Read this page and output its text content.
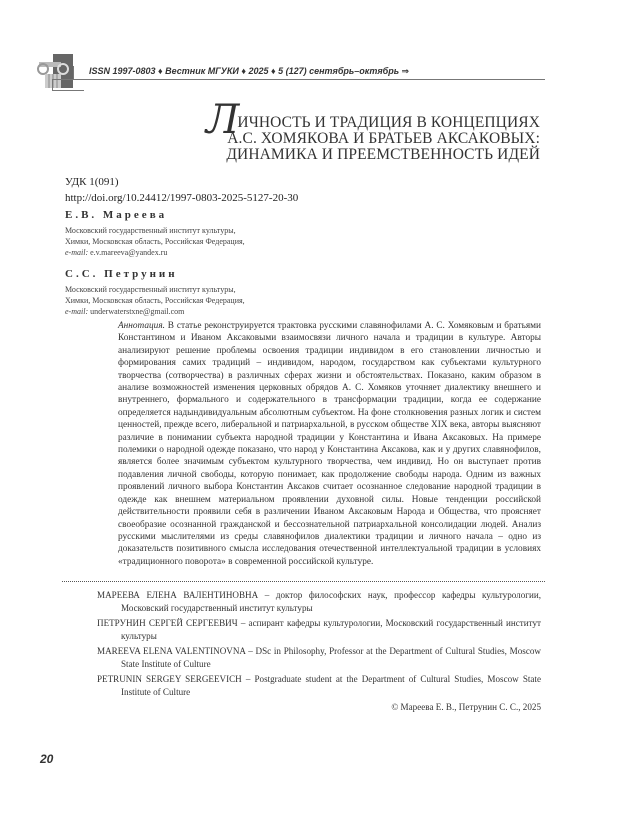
ISSN 1997-0803 ♦ Вестник МГУКИ ♦ 2025 ♦ 5 (127) сентябрь–октябрь ⇒
ЛИЧНОСТЬ И ТРАДИЦИЯ В КОНЦЕПЦИЯХ
А.С. ХОМЯКОВА И БРАТЬЕВ АКСАКОВЫХ:
ДИНАМИКА И ПРЕЕМСТВЕННОСТЬ ИДЕЙ
УДК 1(091)
http://doi.org/10.24412/1997-0803-2025-5127-20-30
Е.В. Мареева
Московский государственный институт культуры,
Химки, Московская область, Российская Федерация,
e-mail: e.v.mareeva@yandex.ru
С.С. Петрунин
Московский государственный институт культуры,
Химки, Московская область, Российская Федерация,
e-mail: underwaterstxne@gmail.com
Аннотация. В статье реконструируется трактовка русскими славянофилами А. С. Хомяковым и братьями Константином и Иваном Аксаковыми взаимосвязи личного начала и традиции в культуре. Авторы анализируют решение проблемы освоения традиции индивидом в его становлении личностью и формирования самих традиций – индивидом, народом, государством как субъектами культурного творчества (сотворчества) в различных сферах жизни и обстоятельствах. Показано, каким образом в анализе возможностей изменения церковных обрядов А. С. Хомяков уточняет диалектику внешнего и внутреннего, формального и содержательного в трансформации традиции, когда ее содержание определяется надындивидуальным абсолютным субъектом. На фоне столкновения разных логик и систем ценностей, прежде всего, либеральной и патриархальной, в русском обществе XIX века, авторы выясняют различие в понимании субъекта народной традиции у Константина и Ивана Аксаковых. На примере полемики о народной одежде показано, что народ у Константина Аксакова, как и у других славянофилов, является более значимым субъектом культурного творчества, чем индивид. Но он выступает против подавления личной свободы, которую понимает, как продолжение свободы народа. Одним из важных проявлений личного выбора Константин Аксаков считает осознанное следование народной традиции в одежде как внешнем материальном проявлении духовной силы. Новые тенденции российской действительности проявили себя в различении Иваном Аксаковым Народа и Общества, что проясняет своеобразие осознанной гражданской и бессознательной патриархальной консолидации людей. Анализ русскими мыслителями из среды славянофилов диалектики традиции и личного начала – одно из доказательств позитивного смысла исследования отечественной интеллектуальной традиции в условиях «традиционного поворота» в современной российской культуре.
МАРЕЕВА ЕЛЕНА ВАЛЕНТИНОВНА – доктор философских наук, профессор кафедры культурологии, Московский государственный институт культуры
ПЕТРУНИН СЕРГЕЙ СЕРГЕЕВИЧ – аспирант кафедры культурологии, Московский государственный институт культуры
MAREEVA ELENA VALENTINOVNA – DSc in Philosophy, Professor at the Department of Cultural Studies, Moscow State Institute of Culture
PETRUNIN SERGEY SERGEEVICH – Postgraduate student at the Department of Cultural Studies, Moscow State Institute of Culture
© Мареева Е. В., Петрунин С. С., 2025
20
